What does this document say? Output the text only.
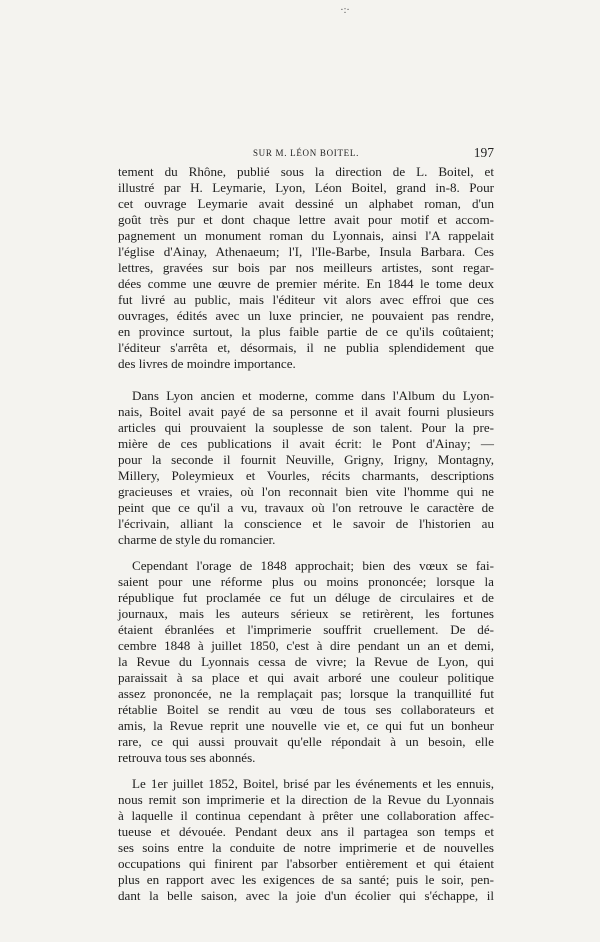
·:·
SUR M. LÉON BOITEL.	197

tement du Rhône, publié sous la direction de L. Boitel, et
illustré par H. Leymarie, Lyon, Léon Boitel, grand in-8. Pour
cet ouvrage Leymarie avait dessiné un alphabet roman, d'un
goût très pur et dont chaque lettre avait pour motif et accom-
pagnement un monument roman du Lyonnais, ainsi l'A rappelait
l'église d'Ainay, Athenaeum; l'I, l'Ile-Barbe, Insula Barbara. Ces
lettres, gravées sur bois par nos meilleurs artistes, sont regar-
dées comme une œuvre de premier mérite. En 1844 le tome deux
fut livré au public, mais l'éditeur vit alors avec effroi que ces
ouvrages, édités avec un luxe princier, ne pouvaient pas rendre,
en province surtout, la plus faible partie de ce qu'ils coûtaient;
l'éditeur s'arrêta et, désormais, il ne publia splendidement que
des livres de moindre importance.

Dans Lyon ancien et moderne, comme dans l'Album du Lyon-
nais, Boitel avait payé de sa personne et il avait fourni plusieurs
articles qui prouvaient la souplesse de son talent. Pour la pre-
mière de ces publications il avait écrit: le Pont d'Ainay; —
pour la seconde il fournit Neuville, Grigny, Irigny, Montagny,
Millery, Poleymieux et Vourles, récits charmants, descriptions
gracieuses et vraies, où l'on reconnait bien vite l'homme qui ne
peint que ce qu'il a vu, travaux où l'on retrouve le caractère de
l'écrivain, alliant la conscience et le savoir de l'historien au
charme de style du romancier.

Cependant l'orage de 1848 approchait; bien des vœux se fai-
saient pour une réforme plus ou moins prononcée; lorsque la
république fut proclamée ce fut un déluge de circulaires et de
journaux, mais les auteurs sérieux se retirèrent, les fortunes
étaient ébranlées et l'imprimerie souffrit cruellement. De dé-
cembre 1848 à juillet 1850, c'est à dire pendant un an et demi,
la Revue du Lyonnais cessa de vivre; la Revue de Lyon, qui
paraissait à sa place et qui avait arboré une couleur politique
assez prononcée, ne la remplaçait pas; lorsque la tranquillité fut
rétablie Boitel se rendit au vœu de tous ses collaborateurs et
amis, la Revue reprit une nouvelle vie et, ce qui fut un bonheur
rare, ce qui aussi prouvait qu'elle répondait à un besoin, elle
retrouva tous ses abonnés.

Le 1er juillet 1852, Boitel, brisé par les événements et les ennuis,
nous remit son imprimerie et la direction de la Revue du Lyonnais
à laquelle il continua cependant à prêter une collaboration affec-
tueuse et dévouée. Pendant deux ans il partagea son temps et
ses soins entre la conduite de notre imprimerie et de nouvelles
occupations qui finirent par l'absorber entièrement et qui étaient
plus en rapport avec les exigences de sa santé; puis le soir, pen-
dant la belle saison, avec la joie d'un écolier qui s'échappe, il
